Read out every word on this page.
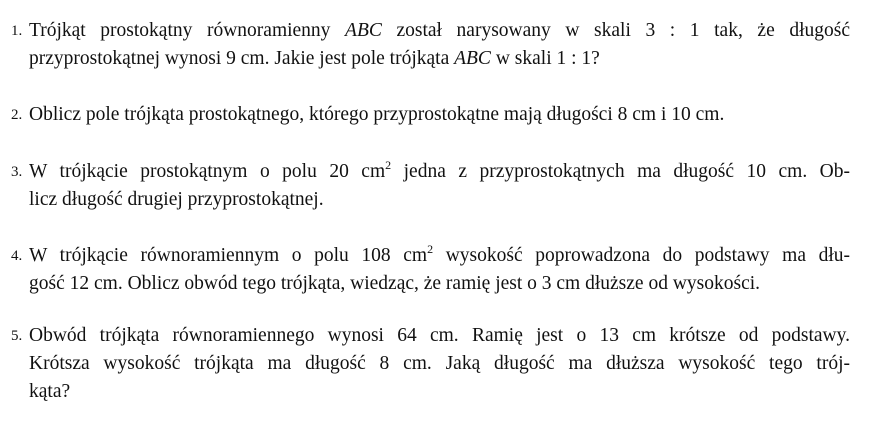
1 . Trójkąt prostokątny równoramienny ABC został narysowany w skali 3 : 1 tak, że długość
przyprostokątnej wynosi 9 cm. Jakie jest pole trójkąta ABC w skali 1 : 1?
2 . Oblicz pole trójkąta prostokątnego, którego przyprostokątne mają długości 8 cm i 10 cm.
3 . W trójkącie prostokątnym o polu 20 $cm^2$ jedna z przyprostokątnych ma długość 10 cm. Ob-
licz długość drugiej przyprostokątnej.
4 . W trójkącie równoramiennym o polu 108 $cm^2$ wysokość poprowadzona do podstawy ma dłu-
gość 12 cm. Oblicz obwód tego trójkąta, wiedząc, że ramię jest o 3 cm dłuższe od wysokości.
5 . Obwód trójkąta równoramiennego wynosi 64 cm. Ramię jest o 13 cm krótsze od podstawy.
Krótsza wysokość trójkąta ma długość 8 cm. Jaką długość ma dłuższa wysokość tego trój-
kąta?
